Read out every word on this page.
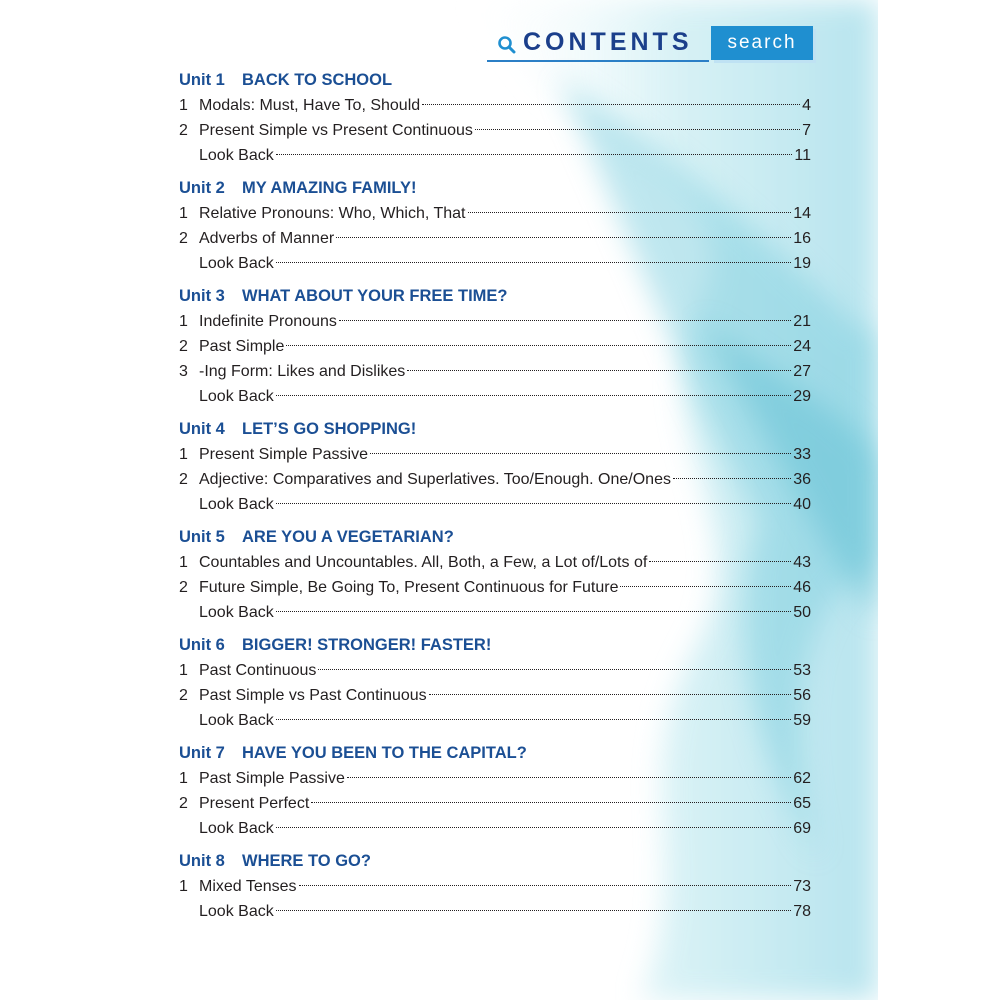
CONTENTS	search
Unit 1 BACK TO SCHOOL
1 Modals: Must, Have To, Should	4
2 Present Simple vs Present Continuous	7
Look Back	11
Unit 2 MY AMAZING FAMILY!
1 Relative Pronouns: Who, Which, That	14
2 Adverbs of Manner	16
Look Back	19
Unit 3 WHAT ABOUT YOUR FREE TIME?
1 Indefinite Pronouns	21
2 Past Simple	24
3 -Ing Form: Likes and Dislikes	27
Look Back	29
Unit 4 LET’S GO SHOPPING!
1 Present Simple Passive	33
2 Adjective: Comparatives and Superlatives. Too/Enough. One/Ones	36
Look Back	40
Unit 5 ARE YOU A VEGETARIAN?
1 Countables and Uncountables. All, Both, a Few, a Lot of/Lots of	43
2 Future Simple, Be Going To, Present Continuous for Future	46
Look Back	50
Unit 6 BIGGER! STRONGER! FASTER!
1 Past Continuous	53
2 Past Simple vs Past Continuous	56
Look Back	59
Unit 7 HAVE YOU BEEN TO THE CAPITAL?
1 Past Simple Passive	62
2 Present Perfect	65
Look Back	69
Unit 8 WHERE TO GO?
1 Mixed Tenses	73
Look Back	78
